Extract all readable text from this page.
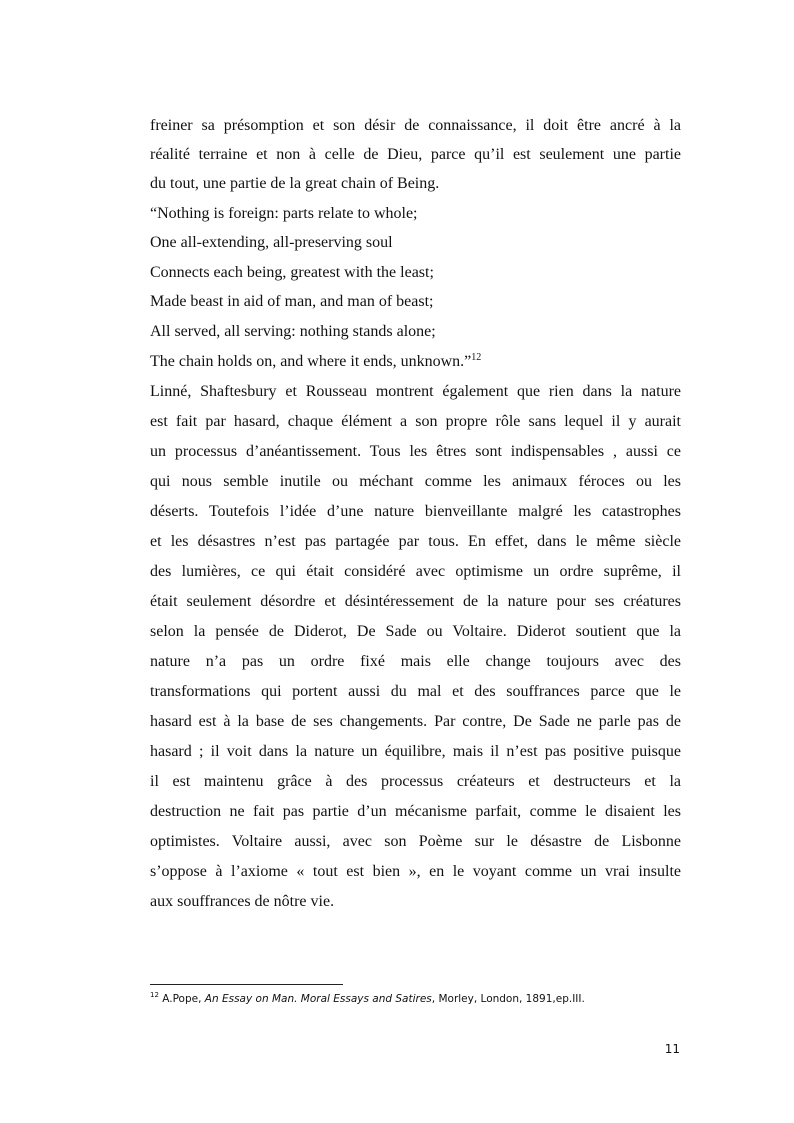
freiner sa présomption et son désir de connaissance, il doit être ancré à la
réalité terraine et non à celle de Dieu, parce qu’il est seulement une partie
du tout, une partie de la great chain of Being.
“Nothing is foreign: parts relate to whole;
One all-extending, all-preserving soul
Connects each being, greatest with the least;
Made beast in aid of man, and man of beast;
All served, all serving: nothing stands alone;
The chain holds on, and where it ends, unknown.”$^{12}$
Linné, Shaftesbury et Rousseau montrent également que rien dans la nature
est fait par hasard, chaque élément a son propre rôle sans lequel il y aurait
un processus d’anéantissement. Tous les êtres sont indispensables , aussi ce
qui nous semble inutile ou méchant comme les animaux féroces ou les
déserts. Toutefois l’idée d’une nature bienveillante malgré les catastrophes
et les désastres n’est pas partagée par tous. En effet, dans le même siècle
des lumières, ce qui était considéré avec optimisme un ordre suprême, il
était seulement désordre et désintéressement de la nature pour ses créatures
selon la pensée de Diderot, De Sade ou Voltaire. Diderot soutient que la
nature n’a pas un ordre fixé mais elle change toujours avec des
transformations qui portent aussi du mal et des souffrances parce que le
hasard est à la base de ses changements. Par contre, De Sade ne parle pas de
hasard ; il voit dans la nature un équilibre, mais il n’est pas positive puisque
il est maintenu grâce à des processus créateurs et destructeurs et la
destruction ne fait pas partie d’un mécanisme parfait, comme le disaient les
optimistes. Voltaire aussi, avec son Poème sur le désastre de Lisbonne
s’oppose à l’axiome « tout est bien », en le voyant comme un vrai insulte
aux souffrances de nôtre vie.
$^{12}$ A.Pope, An Essay on Man. Moral Essays and Satires, Morley, London, 1891,ep.III.
11
